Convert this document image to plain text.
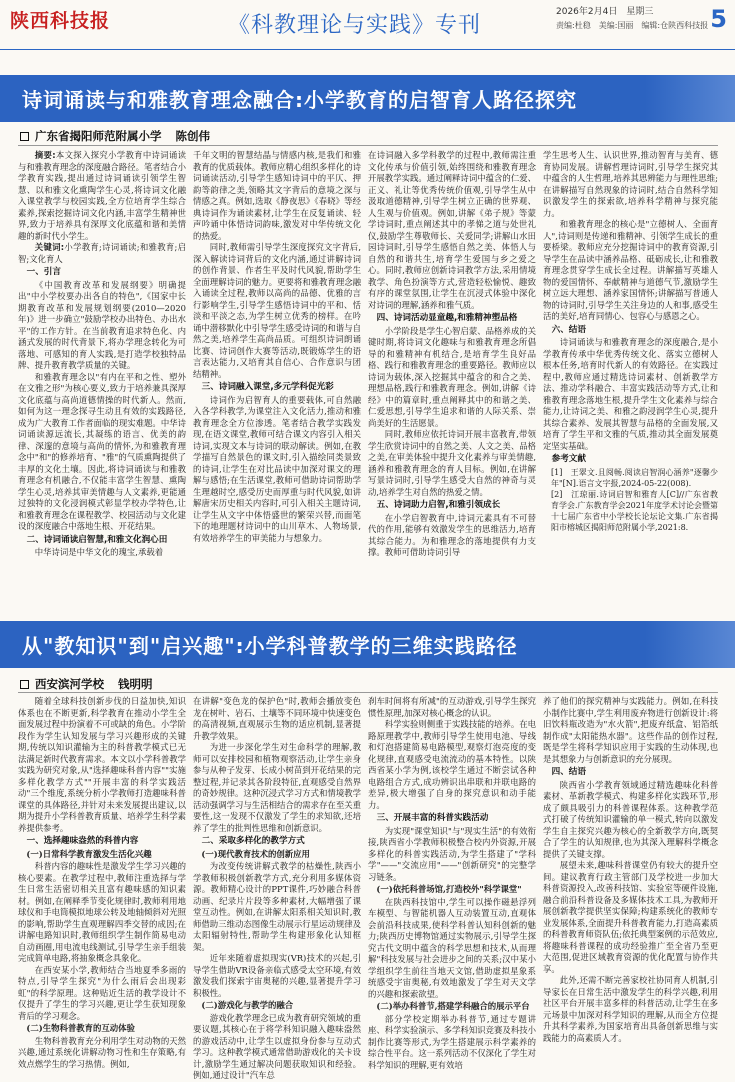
陕西科技报	《科教理论与实践》专刊
2026年2月4日　星期三
责编:杜稳　美编:国丽　编辑:仓陕西科技报 5
诗词诵读与和雅教育理念融合:小学教育的启智育人路径探究
广东省揭阳师范附属小学 陈创伟

摘要:本文探入探究小学教育中诗词诵读与和雅教育理念的深度融合路径。笔者结合小学教育实践,提出通过诗词诵读引领学生智慧、以和雅文化熏陶学生心灵,将诗词文化融入课堂教学与校园实践,全方位培育学生综合素养,探索挖掘诗词文化内涵,丰富学生精神世界,致力于培养具有深厚文化底蕴和谐和美情趣的新时代小学生。

关键词:小学教育;诗词诵读;和雅教育;启智;文化育人

一、引言

《中国教育改革和发展纲要》明确提出"中小学校要办出各自的特色",《国家中长期教育改革和发展规划纲要(2010—2020年)》进一步确立"鼓励学校办出特色、办出水平"的工作方针。在当前教育追求特色化、内涵式发展的时代背景下,将办学理念转化为可落地、可感知的育人实践,是打造学校独特品牌、提升教育教学质量的关键。

和雅教育理念以"有内在平和之性、塑外在文雅之形"为核心要义,致力于培养兼具深厚文化底蕴与高尚道德情操的时代新人。然而,如何为这一理念探寻生动且有效的实践路径,成为广大教育工作者面临的现实难题。中华诗词诵读源远流长,其凝练的语言、优美的韵律、深邃的意境与高尚的情怀,为和雅教育理念中"和"的修养培育、"雅"的气质熏陶提供了丰厚的文化土壤。因此,将诗词诵读与和雅教育理念有机融合,不仅能丰富学生智慧、熏陶学生心灵,培养其审美情趣与人文素养,更能通过独特的文化浸润模式彰显学校办学特色,让和雅教育理念在课程教学、校园活动与文化建设的深度融合中落地生根、开花结果。

二、诗词诵读启智慧,和雅文化润心田

中华诗词是中华文化的瑰宝,承载着

千年文明的智慧结晶与情感内核,是我们和雅教育的优质载体。教师应精心组织多样化的诗词诵读活动,引导学生感知诗词中的平仄、押韵等韵律之美,领略其文字背后的意境之深与情感之真。例如,选取《静夜思》《春晓》等经典诗词作为诵读素材,让学生在反复诵读、轻声吟诵中体悟诗词韵味,激发对中华传统文化的热爱。

同时,教师需引导学生深度探究文字背后,深入解读诗词背后的文化内涵,通过讲解诗词的创作背景、作者生平及时代风貌,帮助学生全面理解诗词的魅力。更要将和雅教育理念融入诵读全过程,教师以高尚的品德、优雅的言行影响学生,引导学生感悟诗词中的平和、恬淡和平淡之态,为学生树立优秀的榜样。在吟诵中潜移默化中引导学生感受诗词的和谐与自然之美,培养学生高尚品质。可组织诗词朗诵比赛、诗词创作大赛等活动,既锻炼学生的语言表达能力,又培育其自信心、合作意识与团结精神。

三、诗词融入课堂,多元学科促光彩

诗词作为启智育人的重要载体,可自然融入各学科教学,为课堂注入文化活力,推动和雅教育理念全方位渗透。笔者结合教学实践发现,在语文课堂,教师可结合课文内容引入相关诗词,实现文本与诗词的联动解读。例如,在教学描写自然景色的课文时,引入描绘同类景致的诗词,让学生在对比品读中加深对课文的理解与感悟;在生活课堂,教师可借助诗词帮助学生理越时空,感受历史而厚重与时代风貌,如讲解唐宋历史相关内容时,可引入相关主题诗词,让学生从文字中体悟盛世的繁荣兴替,而面笔下的地理题材诗词中的山川草木、人物场景,有效培养学生的审美能力与想象力。

在诗词融入多学科教学的过程中,教师需注重文化传承与价值引领,始终围绕和雅教育理念开展教学实践。通过阐释诗词中蕴含的仁爱、正义、礼让等优秀传统价值观,引导学生从中汲取道德精神,引导学生树立正确的世界观、人生观与价值观。例如,讲解《弟子规》等蒙学诗词时,重点阐述其中的孝悌之道与处世礼仪,鼓励学生尊敬师长、关爱同学;讲解山水田园诗词时,引导学生感悟自然之美、体悟人与自然的和谐共生,培育学生爱国与乡之爱之心。同时,教师应创新诗词教学方法,采用情境教学、角色扮演等方式,营造轻松愉悦、趣致有序的课堂氛围,让学生在沉浸式体验中深化对诗词的理解,涵养和雅气质。

四、诗词活动显童趣,和雅精神塑品格

小学阶段是学生心智启蒙、品格养成的关键时期,将诗词文化趣味与和雅教育理念所倡导的和雅精神有机结合,是培育学生良好品格、践行和雅教育理念的重要路径。教师应以诗词为载体,深入挖掘其中蕴含的和合之美、理想品格,践行和雅教育理念。例如,讲解《诗经》中的篇章时,重点阐释其中的和谐之美、仁爱思想,引导学生追求和谐的人际关系、崇尚美好的生活愿景。

同时,教师应依托诗词开展丰富教育,带领学生欣赏诗词中的自然之美、人文之美、品格之美,在审美体验中提升文化素养与审美情趣,涵养和雅教育理念的育人目标。例如,在讲解写景诗词时,引导学生感受大自然的神奇与灵动,培养学生对自然的热爱之情。

五、诗词助力启智,和雅引领成长

在小学启智教育中,诗词元素具有不可替代的作用,能够有效激发学生的思维活力,培育其综合能力。为和雅理念的落地提供有力支撑。教师可借助诗词引导

学生思考人生、认识世界,推动智育与美育、德育协同发展。讲解哲理诗词时,引导学生探究其中蕴含的人生哲理,培养其思辨能力与理性思维;在讲解描写自然现象的诗词时,结合自然科学知识激发学生的探索欲,培养科学精神与探究能力。

和雅教育理念的核心是"立德树人、全面育人",诗词则是传递和雅精神、引领学生成长的重要桥梁。教师应充分挖掘诗词中的教育资源,引导学生在品读中涵养品格、砥砺成长,让和雅教育理念贯穿学生成长全过程。讲解描写英雄人物的爱国情怀、奉献精神与道德气节,激励学生树立远大理想、涵养家国情怀;讲解描写普通人物的诗词时,引导学生关注身边的人和事,感受生活的美好,培育同情心、包容心与感恩之心。

六、结语

诗词诵读与和雅教育理念的深度融合,是小学教育传承中华优秀传统文化、落实立德树人根本任务,培育时代新人的有效路径。在实践过程中,教师应通过精选诗词素材、创新教学方法、推动学科融合、丰富实践活动等方式,让和雅教育理念落地生根,提升学生文化素养与综合能力,让诗词之美、和雅之韵浸润学生心灵,提升其综合素养、发展其智慧与品格的全面发展,又培育了学生平和文雅的气质,推动其全面发展奠定坚实基础。

参考文献

[1]　王翠文.且阅畅.阅读启智润心涵养"逐馨少年"[N].语言文字报,2024-05-22(008).

[2]　江琼丽.诗词启智和雅育人[C]//广东省教育学会.广东教育学会2021年度学术讨论会暨第十七届广东省中小学校长论坛论文集.广东省揭阳市榕城区揭阳师范附属小学,2021:8.

从"教知识"到"启兴趣":小学科普教学的三维实践路径
西安滨河学校 钱明明

随着全球科技创新步伐的日益加快,知识体系也在不断更新,科学教育在推动小学生全面发展过程中扮演着不可或缺的角色。小学阶段作为学生认知发展与学习兴趣形成的关键期,传统以知识灌输为主的科普教学模式已无法满足新时代教育需求。本文以小学科普教学实践为研究对象,从"选择趣味科普内容""实施多样化教学方式""开展丰富的科学实践活动"三个维度,系统分析小学教师打造趣味科普课堂的具体路径,并针对未来发展提出建议,以期为提升小学科普教育质量、培养学生科学素养提供参考。

一、选择趣味盎然的科普内容
(一)日常科学教育激发生活化兴趣

科普内容的趣味性是激发学生学习兴趣的核心要素。在教学过程中,教师注重选择与学生日常生活密切相关且富有趣味感的知识素材。例如,在阐释季节变化规律时,教师利用地球仪和手电筒模拟地球公转及地轴倾斜对光照的影响,帮助学生直观理解四季交替的成因;在讲解电路知识时,教师组织学生制作简易电动自动画圈,用电流电线测试,引导学生亲手组装完成简单电路,将抽象概念具象化。

在西安某小学,教师结合当地夏季多雨的特点,引导学生探究"为什么雨后会出现彩虹"的科学原理。这种贴近生活的教学设计不仅提升了学生的学习兴趣,更让学生获知现象背后的学习观念。

(二)生物科普教育的互动体验

生物科普教育充分利用学生对动物的天然兴趣,通过系统化讲解动物习性和生存策略,有效点燃学生的学习热情。例如,

在讲解"变色龙的保护色"时,教师会播放变色龙在树叶、岩石、土壤等不同环境中快速变色的高清视频,直观展示生物的适应机制,显著提升教学效果。

为进一步深化学生对生命科学的理解,教师可以安排校园和植物观察活动,让学生亲身参与从种子发芽、长成小树苗到开花结果的完整过程,并记录其各阶段特征,直观感受自然界的奇妙规律。这种沉浸式学习方式和情境教学活动强调学习与生活相结合的需求存在至关重要性,这一发现不仅激发了学生的求知欲,还培养了学生的批判性思维和创新意识。

二、采取多样化的教学方式
(一)现代教育技术的创新应用

为改变传统讲解式教学的枯燥性,陕西小学教师积极创新教学方式,充分利用多媒体资源。教师精心设计的PPT课件,巧妙融合科普动画、纪录片片段等多种素材,大幅增强了课堂互动性。例如,在讲解太阳系相关知识时,教师借助三维动态图像生动展示行星运动规律及太阳辐射特性,帮助学生构建形象化认知框架。

近年来随着虚拟现实(VR)技术的兴起,引导学生借助VR设备亲临式感受太空环境,有效激发我们探索宇宙奥秘的兴趣,显著提升学习积极性。

(二)游戏化与教学的融合

游戏化教学理念已成为教育研究领域的重要议题,其核心在于将学科知识融入趣味盎然的游戏活动中,让学生以虚拟身份参与互动式学习。这种教学模式通常借助游戏化的关卡设计,激励学生通过解决问题获取知识和经验。例如,通过设计"汽车总

刹车时间将有所减"的互动游戏,引导学生探究惯性原理,加深对核心概念的认识。

科学实验则侧重于实践技能的培养。在电路原理教学中,教师引导学生使用电池、导线和灯泡搭建简易电路模型,观察灯泡亮度的变化规律,直观感受电流流动的基本特性。以陕西省某小学为例,该校学生通过不断尝试各种电路组合方式,成功辨识出串联和并联电路的差异,极大增强了自身的探究意识和动手能力。

三、开展丰富的科普实践活动

为实现"课堂知识"与"现实生活"的有效衔接,陕西省小学教师积极整合校内外资源,开展多样化的科普实践活动,为学生搭建了"学科学"——"交流应用"——"创新研究"的完整学习链条。

(一)依托科普场馆,打造校外"科学课堂"

在陕西科技馆中,学生可以操作磁悬浮列车模型、与智能机器人互动装置互动,直观体会前沿科技成果,使科学科普认知科创新的魅力;陕西历史博物馆通过实物展示,引导学生探究古代文明中蕴含的科学思想和技术,从而理解"科技发展与社会进步之间的关系;汉中某小学组织学生前往当地天文馆,借助虚拟星象系统感受宇宙奥秘,有效地激发了学生对天文学的兴趣和探索欲望。

(二)举办科普节,搭建学科融合的展示平台

部分学校定期举办科普节,通过专题讲座、科学实验演示、多学科知识竞赛及科技小制作比赛等形式,为学生搭建展示科学素养的综合性平台。这一系列活动不仅深化了学生对科学知识的理解,更有效培

养了他们的探究精神与实践能力。例如,在科技小制作比赛中,学生利用废弃物进行创新设计:将旧饮料瓶改造为"水火箭",把废弃纸盒、铝箔纸制作成"太阳能热水器"。这些作品的创作过程,既是学生将科学知识应用于实践的生动体现,也是其想象力与创新意识的充分展现。

四、结语

陕西省小学教育领域通过精选趣味化科普素材、革新教学模式、构建多样化实践环节,形成了颇具吸引力的科普课程体系。这种教学范式打破了传统知识灌输的单一模式,转向以激发学生自主探究兴趣为核心的全新教学方向,既契合了学生的认知规律,也为其深入理解科学概念提供了关键支撑。

展望未来,趣味科普课堂仍有较大的提升空间。建议教育行政主管部门及学校进一步加大科普资源投入,改善科技馆、实验室等硬件设施,融合前沿科普设备及多媒体技术工具,为教师开展创新教学提供坚实保障;构建系统化的教师专业发展体系,全面提升科普教育能力,打造高素质的科普教育师资队伍;依托典型案例的示范效应,将趣味科普课程的成功经验推广至全省乃至更大范围,促进区域教育资源的优化配置与协作共享。

此外,还需不断完善家校社协同育人机制,引导家长在日常生活中激发学生的科学兴趣,利用社区平台开展丰富多样的科普活动,让学生在多元场景中加深对科学知识的理解,从而全方位提升其科学素养,为国家培育出具备创新思维与实践能力的高素质人才。
